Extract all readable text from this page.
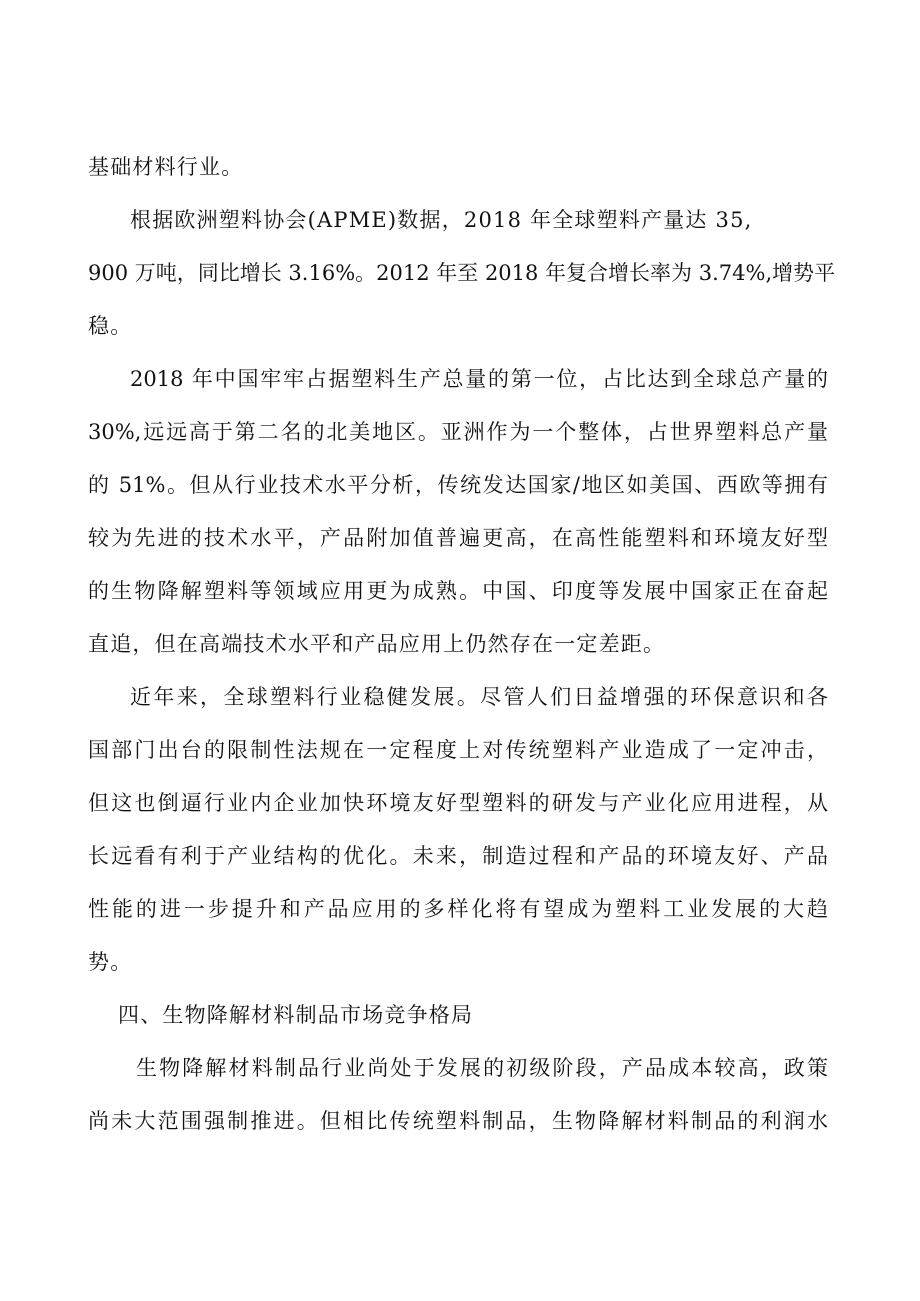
基础材料行业。
根据欧洲塑料协会(APME)数据，2018 年全球塑料产量达 35,
900 万吨，同比增长 3.16%。2012 年至 2018 年复合增长率为 3.74%,增势平
稳。
2018 年中国牢牢占据塑料生产总量的第一位，占比达到全球总产量的
30%,远远高于第二名的北美地区。亚洲作为一个整体，占世界塑料总产量
的 51%。但从行业技术水平分析，传统发达国家/地区如美国、西欧等拥有
较为先进的技术水平，产品附加值普遍更高，在高性能塑料和环境友好型
的生物降解塑料等领域应用更为成熟。中国、印度等发展中国家正在奋起
直追，但在高端技术水平和产品应用上仍然存在一定差距。
近年来，全球塑料行业稳健发展。尽管人们日益增强的环保意识和各
国部门出台的限制性法规在一定程度上对传统塑料产业造成了一定冲击，
但这也倒逼行业内企业加快环境友好型塑料的研发与产业化应用进程，从
长远看有利于产业结构的优化。未来，制造过程和产品的环境友好、产品
性能的进一步提升和产品应用的多样化将有望成为塑料工业发展的大趋
势。
四、生物降解材料制品市场竞争格局
生物降解材料制品行业尚处于发展的初级阶段，产品成本较高，政策
尚未大范围强制推进。但相比传统塑料制品，生物降解材料制品的利润水
